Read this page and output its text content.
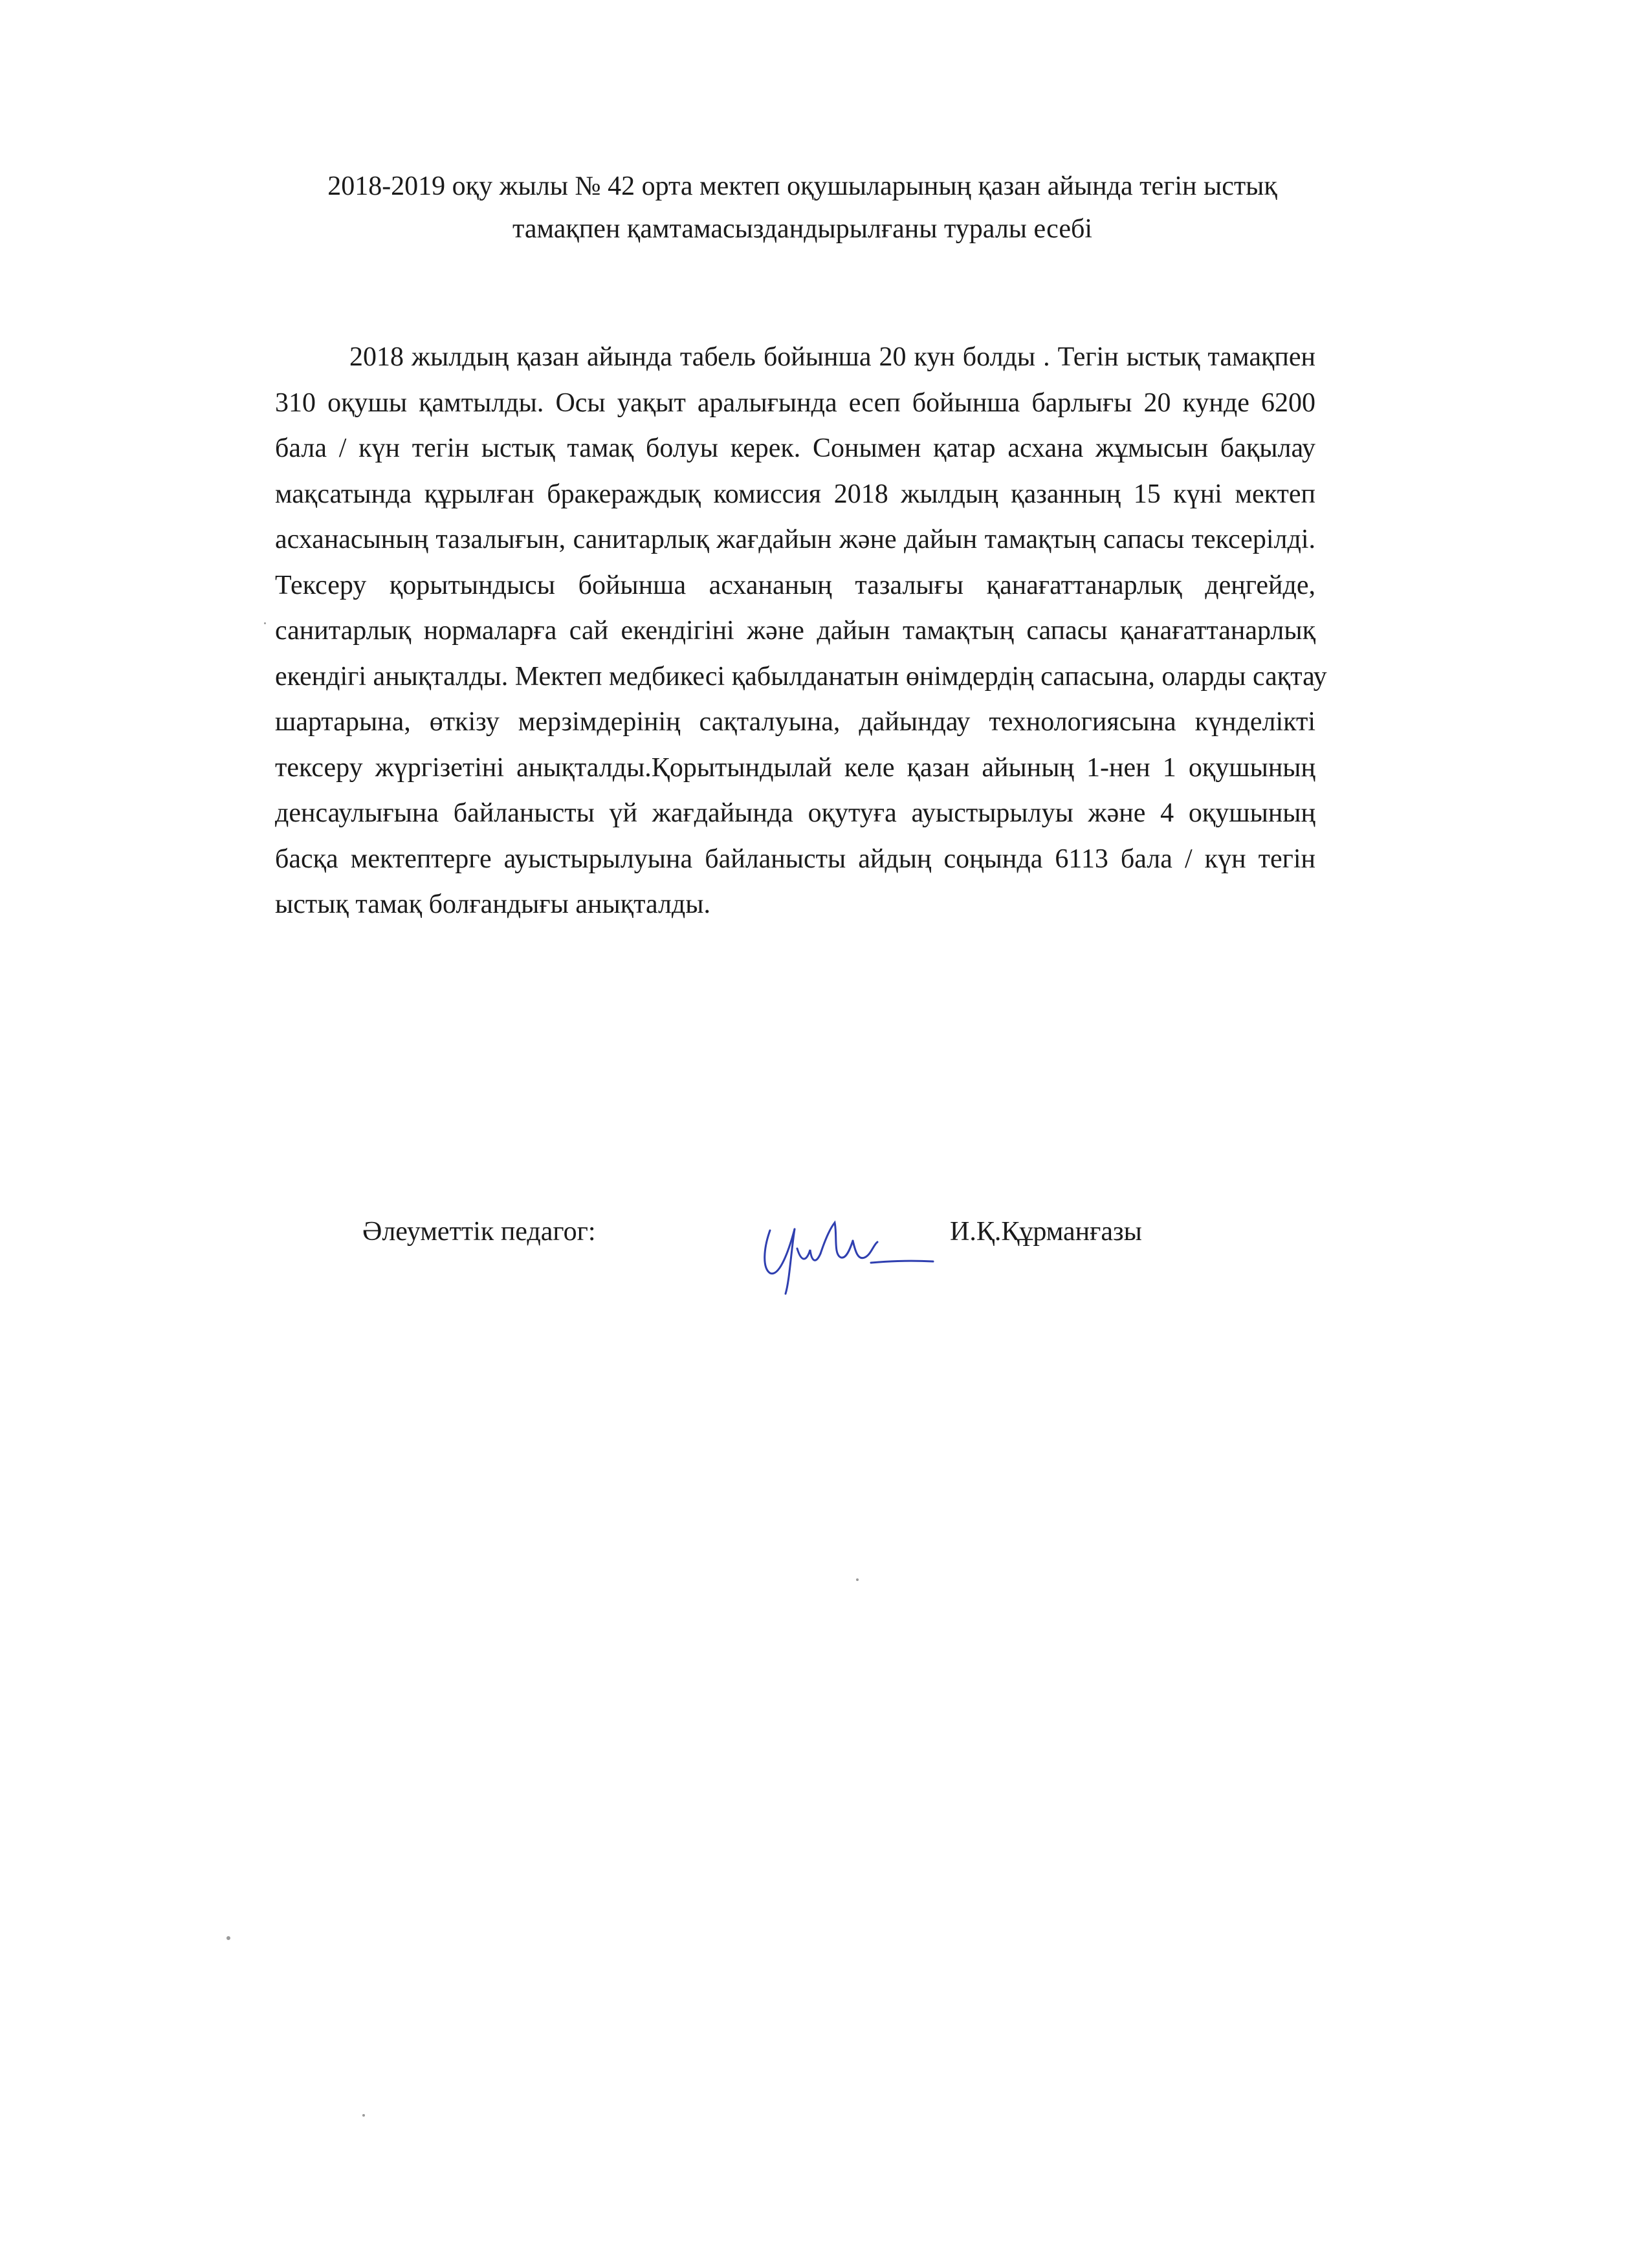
2018-2019 оқу жылы № 42 орта мектеп оқушыларының қазан айында тегін ыстық
тамақпен қамтамасыздандырылғаны туралы есебі
2018 жылдың қазан айында табель бойынша 20 кун болды . Тегін ыстық тамақпен
310 оқушы қамтылды. Осы уақыт аралығында есеп бойынша барлығы 20 кунде 6200
бала / күн тегін ыстық тамақ болуы керек. Сонымен қатар асхана жұмысын бақылау
мақсатында құрылған бракераждық комиссия 2018 жылдың қазанның 15 күні мектеп
асханасының тазалығын, санитарлық жағдайын және дайын тамақтың сапасы тексерілді.
Тексеру қорытындысы бойынша асхананың тазалығы қанағаттанарлық деңгейде,
санитарлық нормаларға сай екендігіні және дайын тамақтың сапасы қанағаттанарлық
екендігі анықталды. Мектеп медбикесі қабылданатын өнімдердің сапасына, оларды сақтау
шартарына, өткізу мерзімдерінің сақталуына, дайындау технологиясына күнделікті
тексеру жүргізетіні анықталды.Қорытындылай келе қазан айының 1-нен 1 оқушының
денсаулығына байланысты үй жағдайында оқутуға ауыстырылуы және 4 оқушының
басқа мектептерге ауыстырылуына байланысты айдың соңында 6113 бала / күн тегін
ыстық тамақ болғандығы анықталды.
Әлеуметтік педагог:	И.Қ.Құрманғазы
